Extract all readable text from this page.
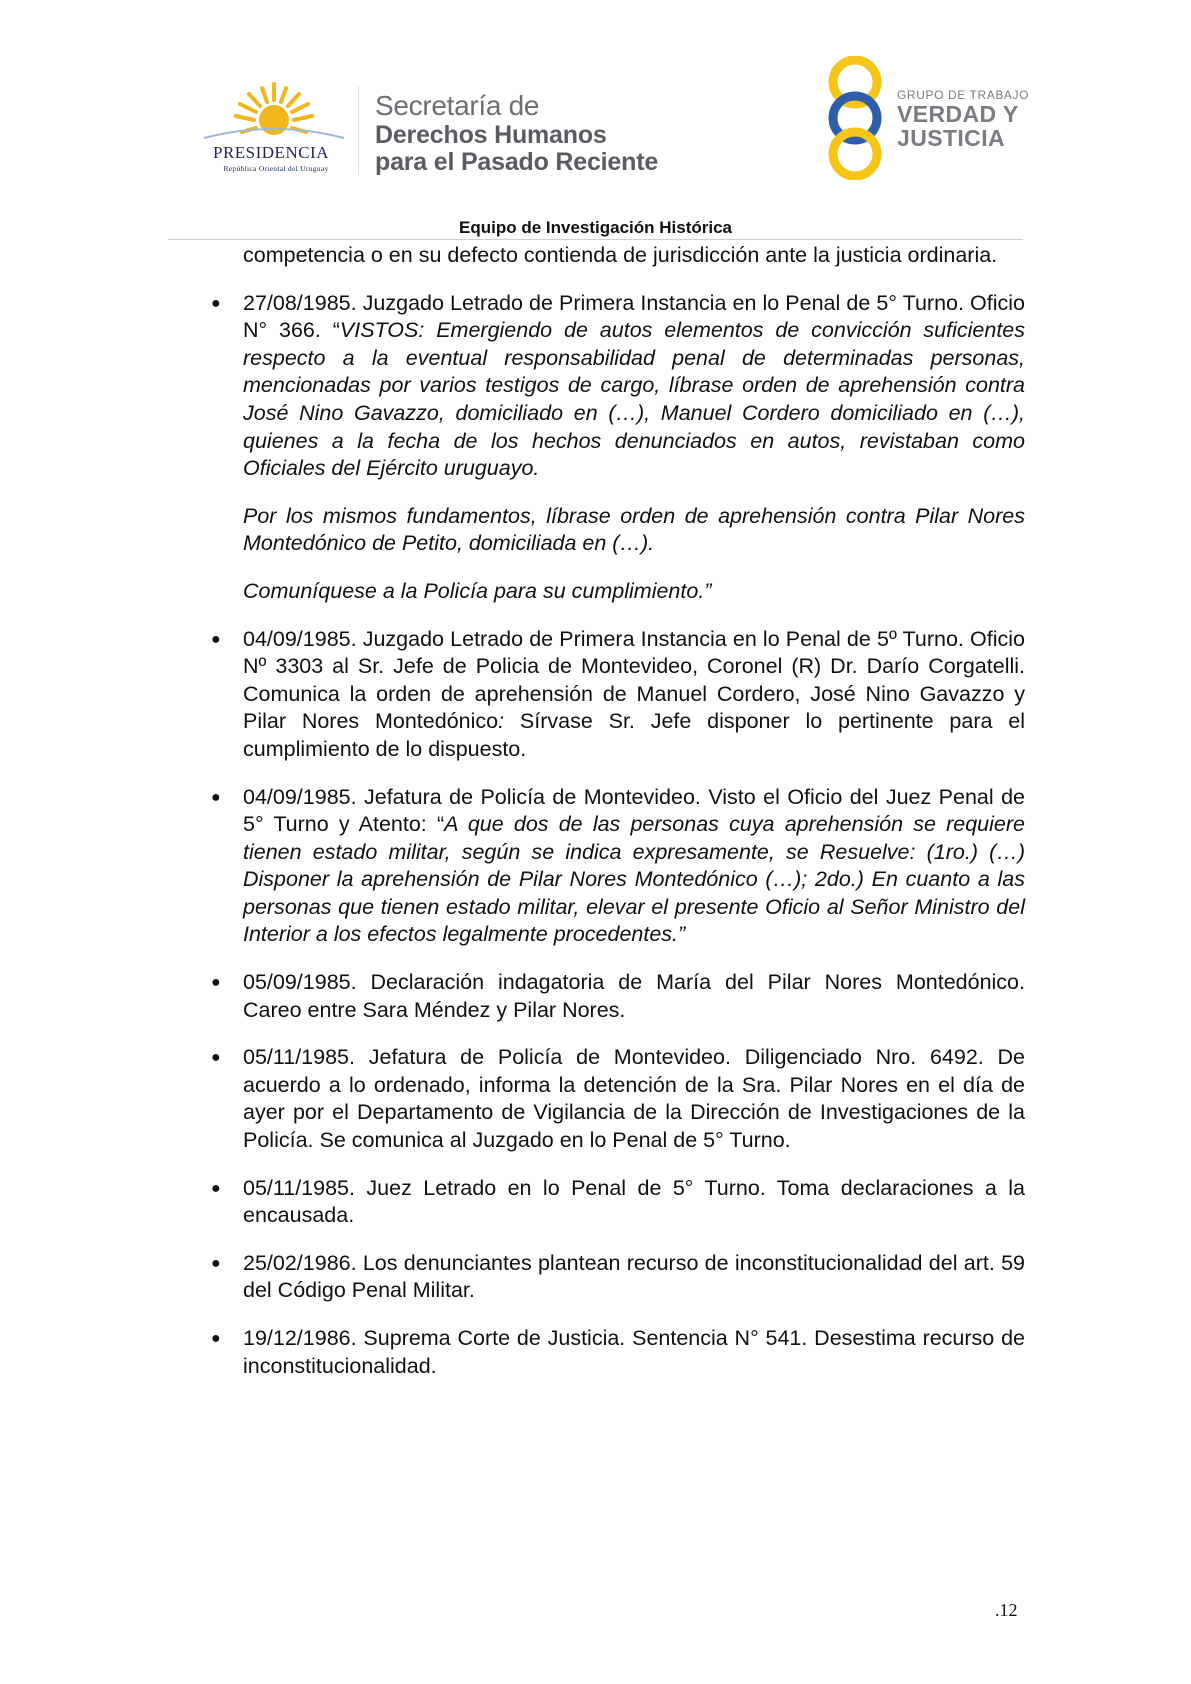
PRESIDENCIA
República Oriental del Uruguay
Secretaría de
Derechos Humanos
para el Pasado Reciente
GRUPO DE TRABAJO
VERDAD Y
JUSTICIA
Equipo de Investigación Histórica

competencia o en su defecto contienda de jurisdicción ante la justicia ordinaria.

● 27/08/1985. Juzgado Letrado de Primera Instancia en lo Penal de 5° Turno. Oficio N° 366. “VISTOS: Emergiendo de autos elementos de convicción suficientes respecto a la eventual responsabilidad penal de determinadas personas, mencionadas por varios testigos de cargo, líbrase orden de aprehensión contra José Nino Gavazzo, domiciliado en (…), Manuel Cordero domiciliado en (…), quienes a la fecha de los hechos denunciados en autos, revistaban como Oficiales del Ejército uruguayo.

Por los mismos fundamentos, líbrase orden de aprehensión contra Pilar Nores Montedónico de Petito, domiciliada en (…).

Comuníquese a la Policía para su cumplimiento.”

● 04/09/1985. Juzgado Letrado de Primera Instancia en lo Penal de 5º Turno. Oficio Nº 3303 al Sr. Jefe de Policia de Montevideo, Coronel (R) Dr. Darío Corgatelli. Comunica la orden de aprehensión de Manuel Cordero, José Nino Gavazzo y Pilar Nores Montedónico: Sírvase Sr. Jefe disponer lo pertinente para el cumplimiento de lo dispuesto.

● 04/09/1985. Jefatura de Policía de Montevideo. Visto el Oficio del Juez Penal de 5° Turno y Atento: “A que dos de las personas cuya aprehensión se requiere tienen estado militar, según se indica expresamente, se Resuelve: (1ro.) (…) Disponer la aprehensión de Pilar Nores Montedónico (…); 2do.) En cuanto a las personas que tienen estado militar, elevar el presente Oficio al Señor Ministro del Interior a los efectos legalmente procedentes.”

● 05/09/1985. Declaración indagatoria de María del Pilar Nores Montedónico. Careo entre Sara Méndez y Pilar Nores.

● 05/11/1985. Jefatura de Policía de Montevideo. Diligenciado Nro. 6492. De acuerdo a lo ordenado, informa la detención de la Sra. Pilar Nores en el día de ayer por el Departamento de Vigilancia de la Dirección de Investigaciones de la Policía. Se comunica al Juzgado en lo Penal de 5° Turno.

● 05/11/1985. Juez Letrado en lo Penal de 5° Turno. Toma declaraciones a la encausada.

● 25/02/1986. Los denunciantes plantean recurso de inconstitucionalidad del art. 59 del Código Penal Militar.

● 19/12/1986. Suprema Corte de Justicia. Sentencia N° 541. Desestima recurso de inconstitucionalidad.

.12
